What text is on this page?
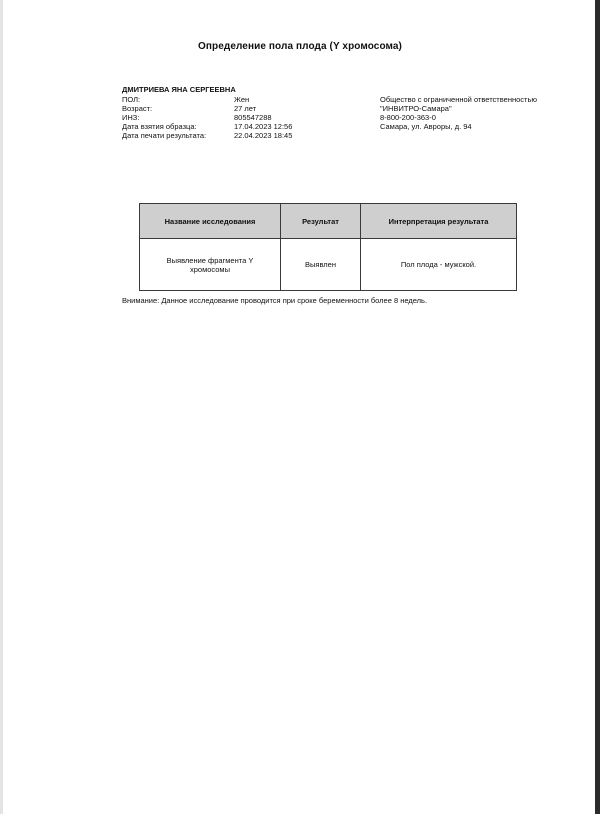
Определение пола плода (Y хромосома)
ДМИТРИЕВА ЯНА СЕРГЕЕВНА
ПОЛ:	Жен
Возраст:	27 лет
ИНЗ:	805547288
Дата взятия образца:	17.04.2023 12:56
Дата печати результата:	22.04.2023 18:45
Общество с ограниченной ответственностью
"ИНВИТРО-Самара"
8-800-200-363-0
Самара, ул. Авроры, д. 94
Название исследования	Результат	Интерпретация результата
Выявление фрагмента Y хромосомы	Выявлен	Пол плода - мужской.
Внимание: Данное исследование проводится при сроке беременности более 8 недель.
